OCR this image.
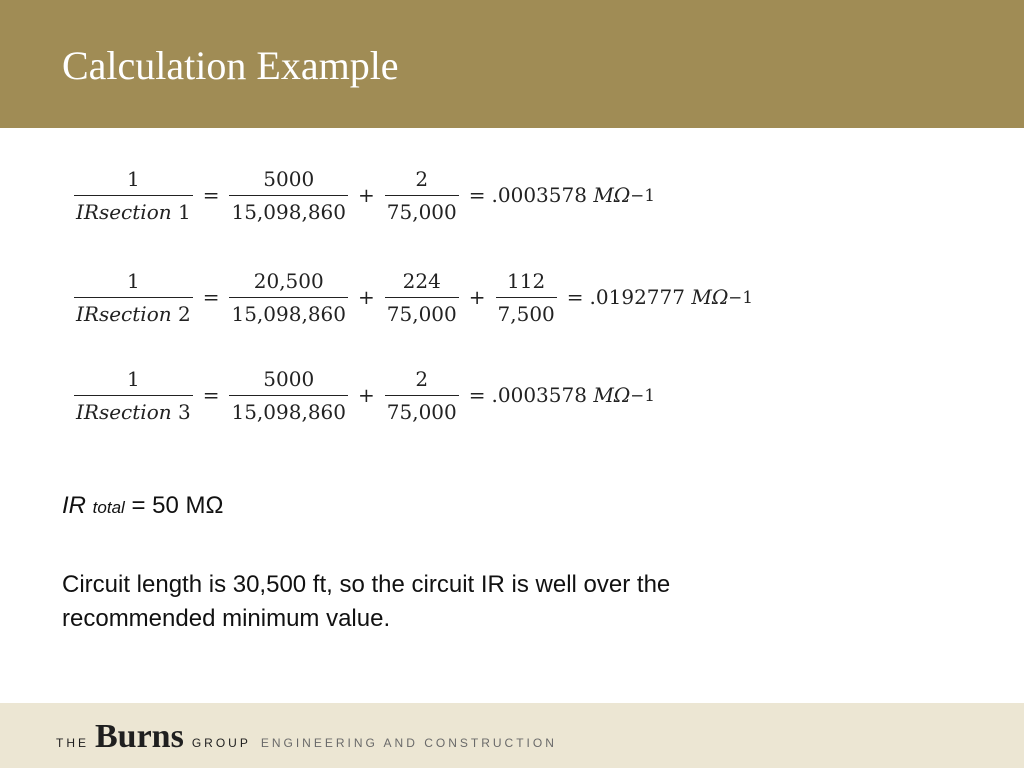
Calculation Example
$\frac{1}{\text{IRsection 1}} = \frac{5000}{15,098,860} + \frac{2}{75,000} = .0003578$
MΩ −1
$\frac{1}{\text{IRsection 2}} = \frac{20,500}{15,098,860} + \frac{224}{75,000} + \frac{112}{7,500} = .0192777$
MΩ −1
$\frac{1}{\text{IRsection 3}} = \frac{5000}{15,098,860} + \frac{2}{75,000} = .0003578$
MΩ −1
IR total = 50 MΩ
Circuit length is 30,500 ft, so the circuit IR is well over the recommended minimum value.
THE Burns GROUP ENGINEERING AND CONSTRUCTION
